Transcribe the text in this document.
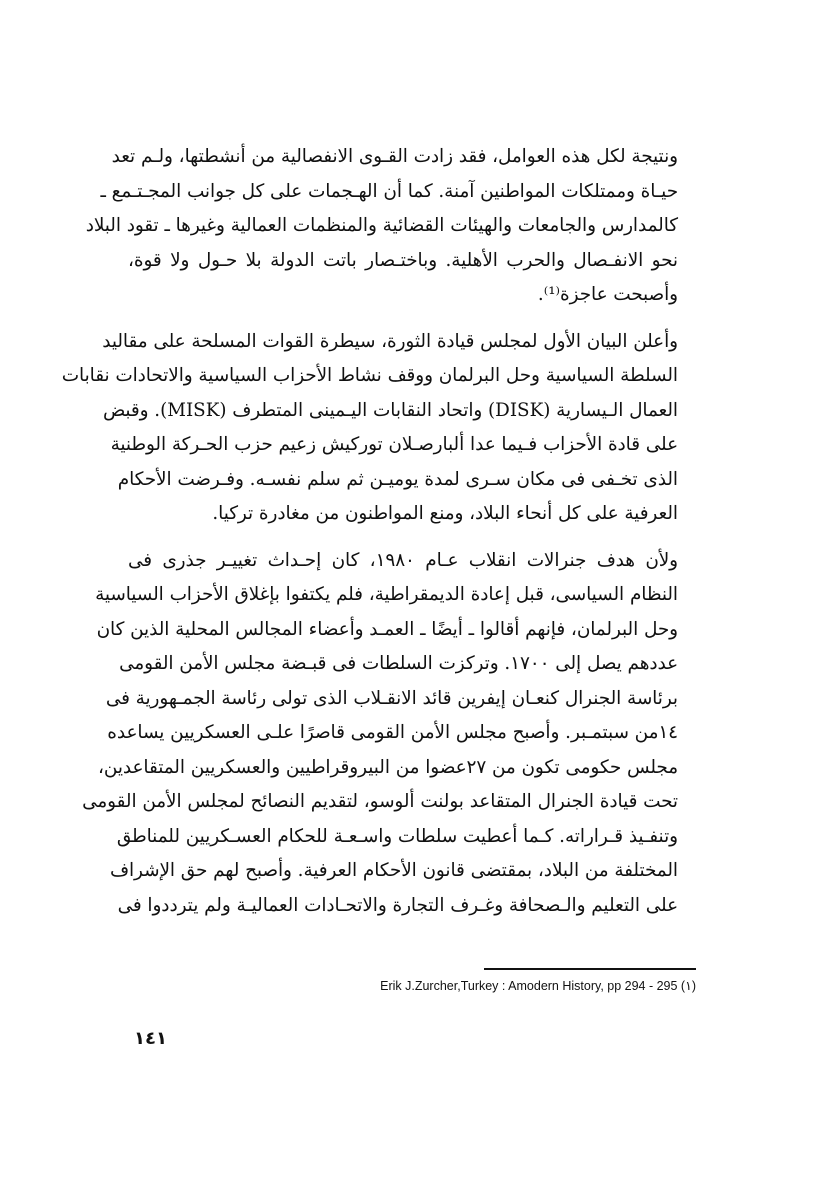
ونتيجة لكل هذه العوامل، فقد زادت القـوى الانفصالية من أنشطتها، ولـم تعد
حيـاة وممتلكات المواطنين آمنة. كما أن الهـجمات على كل جوانب المجـتـمع ـ
كالمدارس والجامعات والهيئات القضائية والمنظمات العمالية وغيرها ـ تقود البلاد
نحو الانفـصال والحرب الأهلية. وباختـصار باتت الدولة بلا حـول ولا قوة،
وأصبحت عاجزة⁽¹⁾.
وأعلن البيان الأول لمجلس قيادة الثورة، سيطرة القوات المسلحة على مقاليد
السلطة السياسية وحل البرلمان ووقف نشاط الأحزاب السياسية والاتحادات نقابات
العمال الـيسارية (DISK) واتحاد النقابات اليـمينى المتطرف (MISK). وقبض
على قادة الأحزاب فـيما عدا ألبارصـلان توركيش زعيم حزب الحـركة الوطنية
الذى تخـفى فى مكان سـرى لمدة يوميـن ثم سلم نفسـه. وفـرضت الأحكام
العرفية على كل أنحاء البلاد، ومنع المواطنون من مغادرة تركيا.
ولأن هدف جنرالات انقلاب عـام ١٩٨٠، كان إحـداث تغييـر جذرى فى
النظام السياسى، قبل إعادة الديمقراطية، فلم يكتفوا بإغلاق الأحزاب السياسية
وحل البرلمان، فإنهم أقالوا ـ أيضًا ـ العمـد وأعضاء المجالس المحلية الذين كان
عددهم يصل إلى ١٧٠٠. وتركزت السلطات فى قبـضة مجلس الأمن القومى
برئاسة الجنرال كنعـان إيفرين قائد الانقـلاب الذى تولى رئاسة الجمـهورية فى
١٤من سبتمـبر. وأصبح مجلس الأمن القومى قاصرًا علـى العسكريين يساعده
مجلس حكومى تكون من ٢٧عضوا من البيروقراطيين والعسكريين المتقاعدين،
تحت قيادة الجنرال المتقاعد بولنت ألوسو، لتقديم النصائح لمجلس الأمن القومى
وتنفـيذ قـراراته. كـما أعطيت سلطات واسـعـة للحكام العسـكريين للمناطق
المختلفة من البلاد، بمقتضى قانون الأحكام العرفية. وأصبح لهم حق الإشراف
على التعليم والـصحافة وغـرف التجارة والاتحـادات العماليـة ولم يترددوا فى
Erik J.Zurcher,Turkey : Amodern History, pp 294 - 295 (١)
١٤١
